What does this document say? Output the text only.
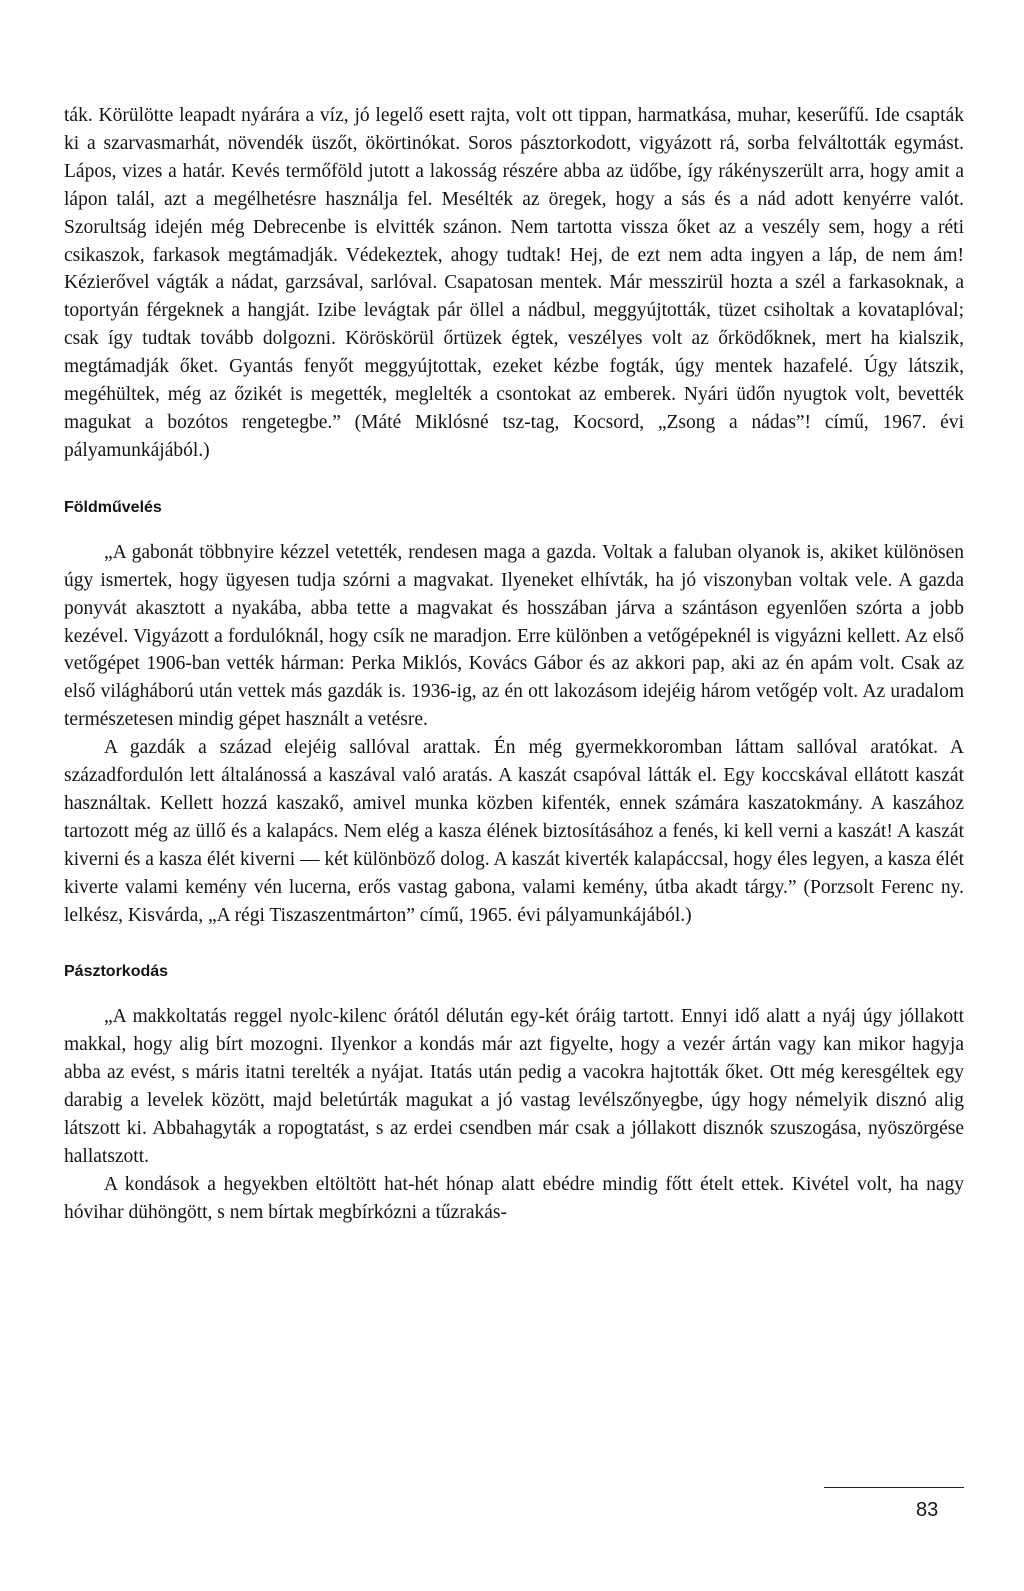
ták. Körülötte leapadt nyárára a víz, jó legelő esett rajta, volt ott tippan, harmatkása, muhar, keserűfű. Ide csapták ki a szarvasmarhát, növendék üszőt, ökörtinókat. Soros pásztorkodott, vigyázott rá, sorba felváltották egymást. Lápos, vizes a határ. Kevés termőföld jutott a lakosság részére abba az üdőbe, így rákényszerült arra, hogy amit a lápon talál, azt a megélhetésre használja fel. Mesélték az öregek, hogy a sás és a nád adott kenyérre valót. Szorultság idején még Debrecenbe is elvitték szánon. Nem tartotta vissza őket az a veszély sem, hogy a réti csikaszok, farkasok megtámadják. Védekeztek, ahogy tudtak! Hej, de ezt nem adta ingyen a láp, de nem ám! Kézierővel vágták a nádat, garzsával, sarlóval. Csapatosan mentek. Már messzirül hozta a szél a farkasoknak, a toportyán férgeknek a hangját. Izibe levágtak pár öllel a nádbul, meggyújtották, tüzet csiholtak a kovataplóval; csak így tudtak tovább dolgozni. Köröskörül őrtüzek égtek, veszélyes volt az őrködőknek, mert ha kialszik, megtámadják őket. Gyantás fenyőt meggyújtottak, ezeket kézbe fogták, úgy mentek hazafelé. Úgy látszik, megéhültek, még az őzikét is megették, meglelték a csontokat az emberek. Nyári üdőn nyugtok volt, bevették magukat a bozótos rengetegbe.” (Máté Miklósné tsz-tag, Kocsord, „Zsong a nádas”! című, 1967. évi pályamunkájából.)

Földművelés

„A gabonát többnyire kézzel vetették, rendesen maga a gazda. Voltak a faluban olyanok is, akiket különösen úgy ismertek, hogy ügyesen tudja szórni a magvakat. Ilyeneket elhívták, ha jó viszonyban voltak vele. A gazda ponyvát akasztott a nyakába, abba tette a magvakat és hosszában járva a szántáson egyenlően szórta a jobb kezével. Vigyázott a fordulóknál, hogy csík ne maradjon. Erre különben a vetőgépeknél is vigyázni kellett. Az első vetőgépet 1906-ban vették hárman: Perka Miklós, Kovács Gábor és az akkori pap, aki az én apám volt. Csak az első világháború után vettek más gazdák is. 1936-ig, az én ott lakozásom idejéig három vetőgép volt. Az uradalom természetesen mindig gépet használt a vetésre.

A gazdák a század elejéig sallóval arattak. Én még gyermekkoromban láttam sallóval aratókat. A századfordulón lett általánossá a kaszával való aratás. A kaszát csapóval látták el. Egy koccskával ellátott kaszát használtak. Kellett hozzá kaszakő, amivel munka közben kifenték, ennek számára kaszatokmány. A kaszához tartozott még az üllő és a kalapács. Nem elég a kasza élének biztosításához a fenés, ki kell verni a kaszát! A kaszát kiverni és a kasza élét kiverni — két különböző dolog. A kaszát kiverték kalapáccsal, hogy éles legyen, a kasza élét kiverte valami kemény vén lucerna, erős vastag gabona, valami kemény, útba akadt tárgy.” (Porzsolt Ferenc ny. lelkész, Kisvárda, „A régi Tiszaszentmárton” című, 1965. évi pályamunkájából.)

Pásztorkodás

„A makkoltatás reggel nyolc-kilenc órától délután egy-két óráig tartott. Ennyi idő alatt a nyáj úgy jóllakott makkal, hogy alig bírt mozogni. Ilyenkor a kondás már azt figyelte, hogy a vezér ártán vagy kan mikor hagyja abba az evést, s máris itatni terelték a nyájat. Itatás után pedig a vacokra hajtották őket. Ott még keresgéltek egy darabig a levelek között, majd beletúrták magukat a jó vastag levélszőnyegbe, úgy hogy némelyik disznó alig látszott ki. Abbahagyták a ropogtatást, s az erdei csendben már csak a jóllakott disznók szuszogása, nyöszörgése hallatszott.

A kondások a hegyekben eltöltött hat-hét hónap alatt ebédre mindig főtt ételt ettek. Kivétel volt, ha nagy hóvihar dühöngött, s nem bírtak megbírkózni a tűzrakás-

83
